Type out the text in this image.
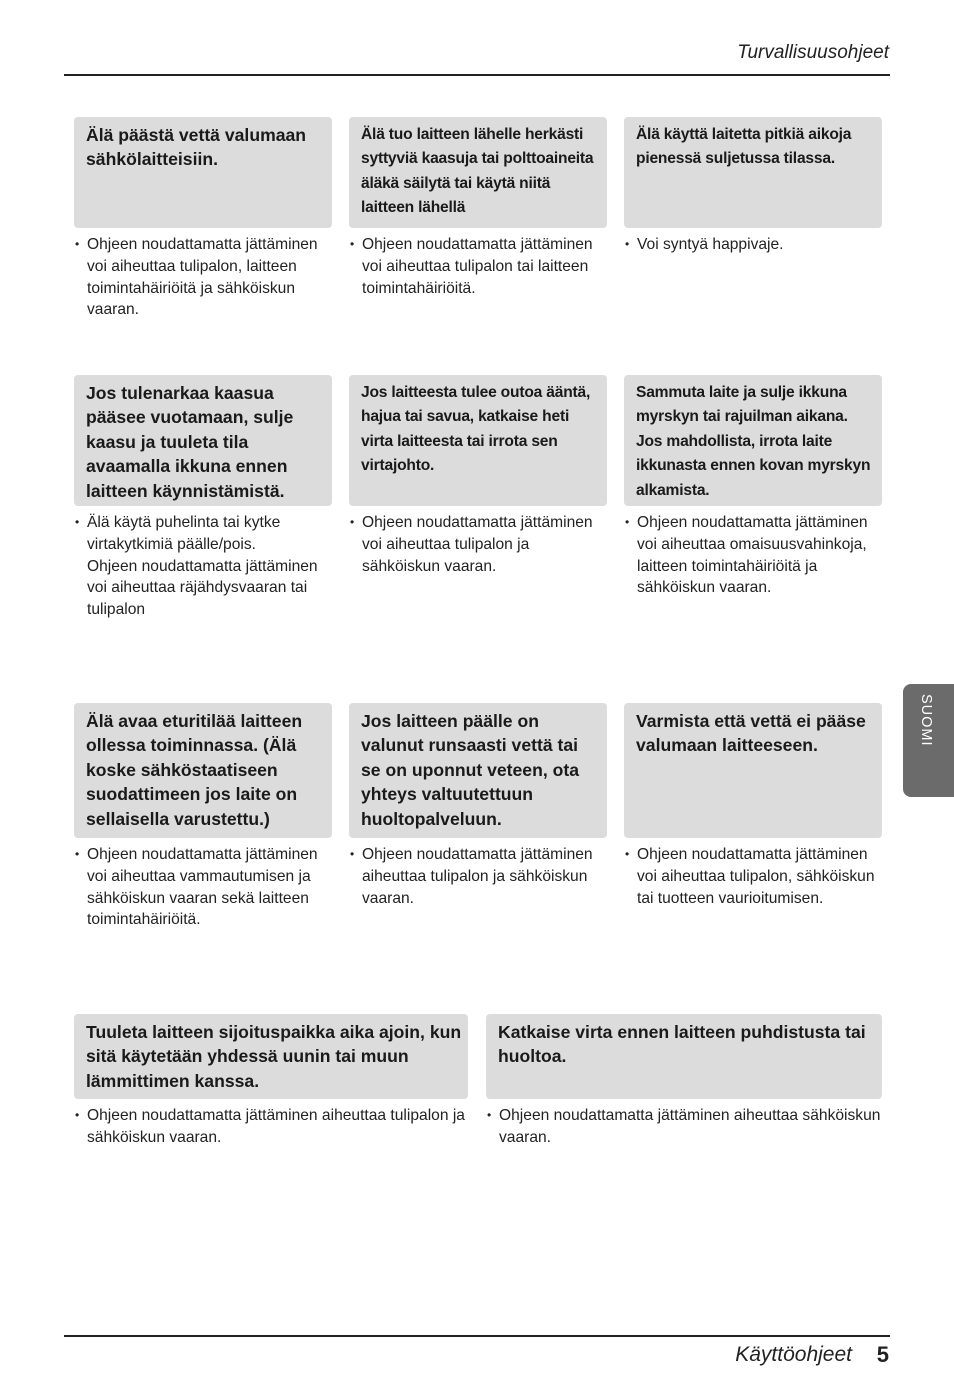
Turvallisuusohjeet
Älä päästä vettä valumaan sähkölaitteisiin.
• Ohjeen noudattamatta jättäminen voi aiheuttaa tulipalon, laitteen toimintahäiriöitä ja sähköiskun vaaran.
Älä tuo laitteen lähelle herkästi syttyviä kaasuja tai polttoaineita äläkä säilytä tai käytä niitä laitteen lähellä
• Ohjeen noudattamatta jättäminen voi aiheuttaa tulipalon tai laitteen toimintahäiriöitä.
Älä käyttä laitetta pitkiä aikoja pienessä suljetussa tilassa.
• Voi syntyä happivaje.
Jos tulenarkaa kaasua pääsee vuotamaan, sulje kaasu ja tuuleta tila avaamalla ikkuna ennen laitteen käynnistämistä.
• Älä käytä puhelinta tai kytke virtakytkimiä päälle/pois.
Ohjeen noudattamatta jättäminen voi aiheuttaa räjähdysvaaran tai tulipalon
Jos laitteesta tulee outoa ääntä, hajua tai savua, katkaise heti virta laitteesta tai irrota sen virtajohto.
• Ohjeen noudattamatta jättäminen voi aiheuttaa tulipalon ja sähköiskun vaaran.
Sammuta laite ja sulje ikkuna myrskyn tai rajuilman aikana. Jos mahdollista, irrota laite ikkunasta ennen kovan myrskyn alkamista.
• Ohjeen noudattamatta jättäminen voi aiheuttaa omaisuusvahinkoja, laitteen toimintahäiriöitä ja sähköiskun vaaran.
Älä avaa eturitilää laitteen ollessa toiminnassa. (Älä koske sähköstaatiseen suodattimeen jos laite on sellaisella varustettu.)
• Ohjeen noudattamatta jättäminen voi aiheuttaa vammautumisen ja sähköiskun vaaran sekä laitteen toimintahäiriöitä.
Jos laitteen päälle on valunut runsaasti vettä tai se on uponnut veteen, ota yhteys valtuutettuun huoltopalveluun.
• Ohjeen noudattamatta jättäminen aiheuttaa tulipalon ja sähköiskun vaaran.
Varmista että vettä ei pääse valumaan laitteeseen.
• Ohjeen noudattamatta jättäminen voi aiheuttaa tulipalon, sähköiskun tai tuotteen vaurioitumisen.
Tuuleta laitteen sijoituspaikka aika ajoin, kun sitä käytetään yhdessä uunin tai muun lämmittimen kanssa.
• Ohjeen noudattamatta jättäminen aiheuttaa tulipalon ja sähköiskun vaaran.
Katkaise virta ennen laitteen puhdistusta tai huoltoa.
• Ohjeen noudattamatta jättäminen aiheuttaa sähköiskun vaaran.
SUOMI
Käyttöohjeet 5
